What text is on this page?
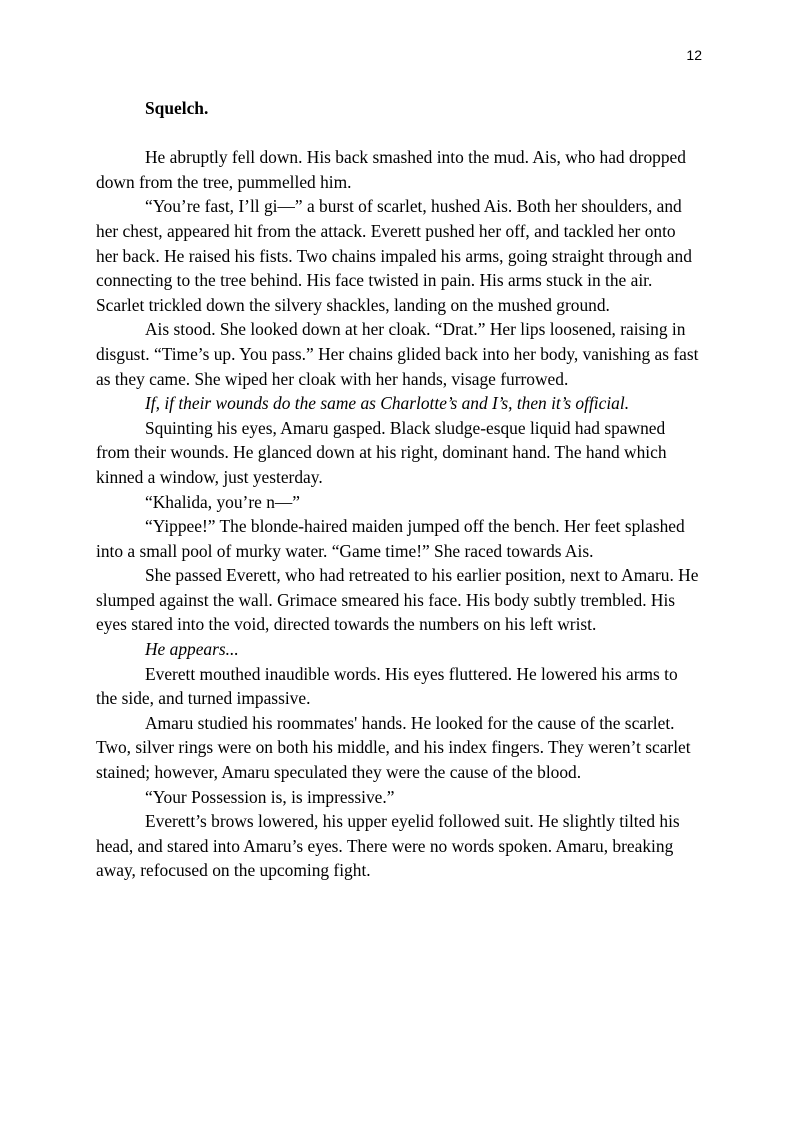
12
Squelch.

He abruptly fell down. His back smashed into the mud. Ais, who had dropped down from the tree, pummelled him.

“You’re fast, I’ll gi—” a burst of scarlet, hushed Ais. Both her shoulders, and her chest, appeared hit from the attack. Everett pushed her off, and tackled her onto her back. He raised his fists. Two chains impaled his arms, going straight through and connecting to the tree behind. His face twisted in pain. His arms stuck in the air. Scarlet trickled down the silvery shackles, landing on the mushed ground.

Ais stood. She looked down at her cloak. “Drat.” Her lips loosened, raising in disgust. “Time’s up. You pass.” Her chains glided back into her body, vanishing as fast as they came. She wiped her cloak with her hands, visage furrowed.

If, if their wounds do the same as Charlotte’s and I’s, then it’s official.

Squinting his eyes, Amaru gasped. Black sludge-esque liquid had spawned from their wounds. He glanced down at his right, dominant hand. The hand which kinned a window, just yesterday.

“Khalida, you’re n—”

“Yippee!” The blonde-haired maiden jumped off the bench. Her feet splashed into a small pool of murky water. “Game time!” She raced towards Ais.

She passed Everett, who had retreated to his earlier position, next to Amaru. He slumped against the wall. Grimace smeared his face. His body subtly trembled. His eyes stared into the void, directed towards the numbers on his left wrist.

He appears...

Everett mouthed inaudible words. His eyes fluttered. He lowered his arms to the side, and turned impassive.

Amaru studied his roommates' hands. He looked for the cause of the scarlet. Two, silver rings were on both his middle, and his index fingers. They weren’t scarlet stained; however, Amaru speculated they were the cause of the blood.

“Your Possession is, is impressive.”

Everett’s brows lowered, his upper eyelid followed suit. He slightly tilted his head, and stared into Amaru’s eyes. There were no words spoken. Amaru, breaking away, refocused on the upcoming fight.
